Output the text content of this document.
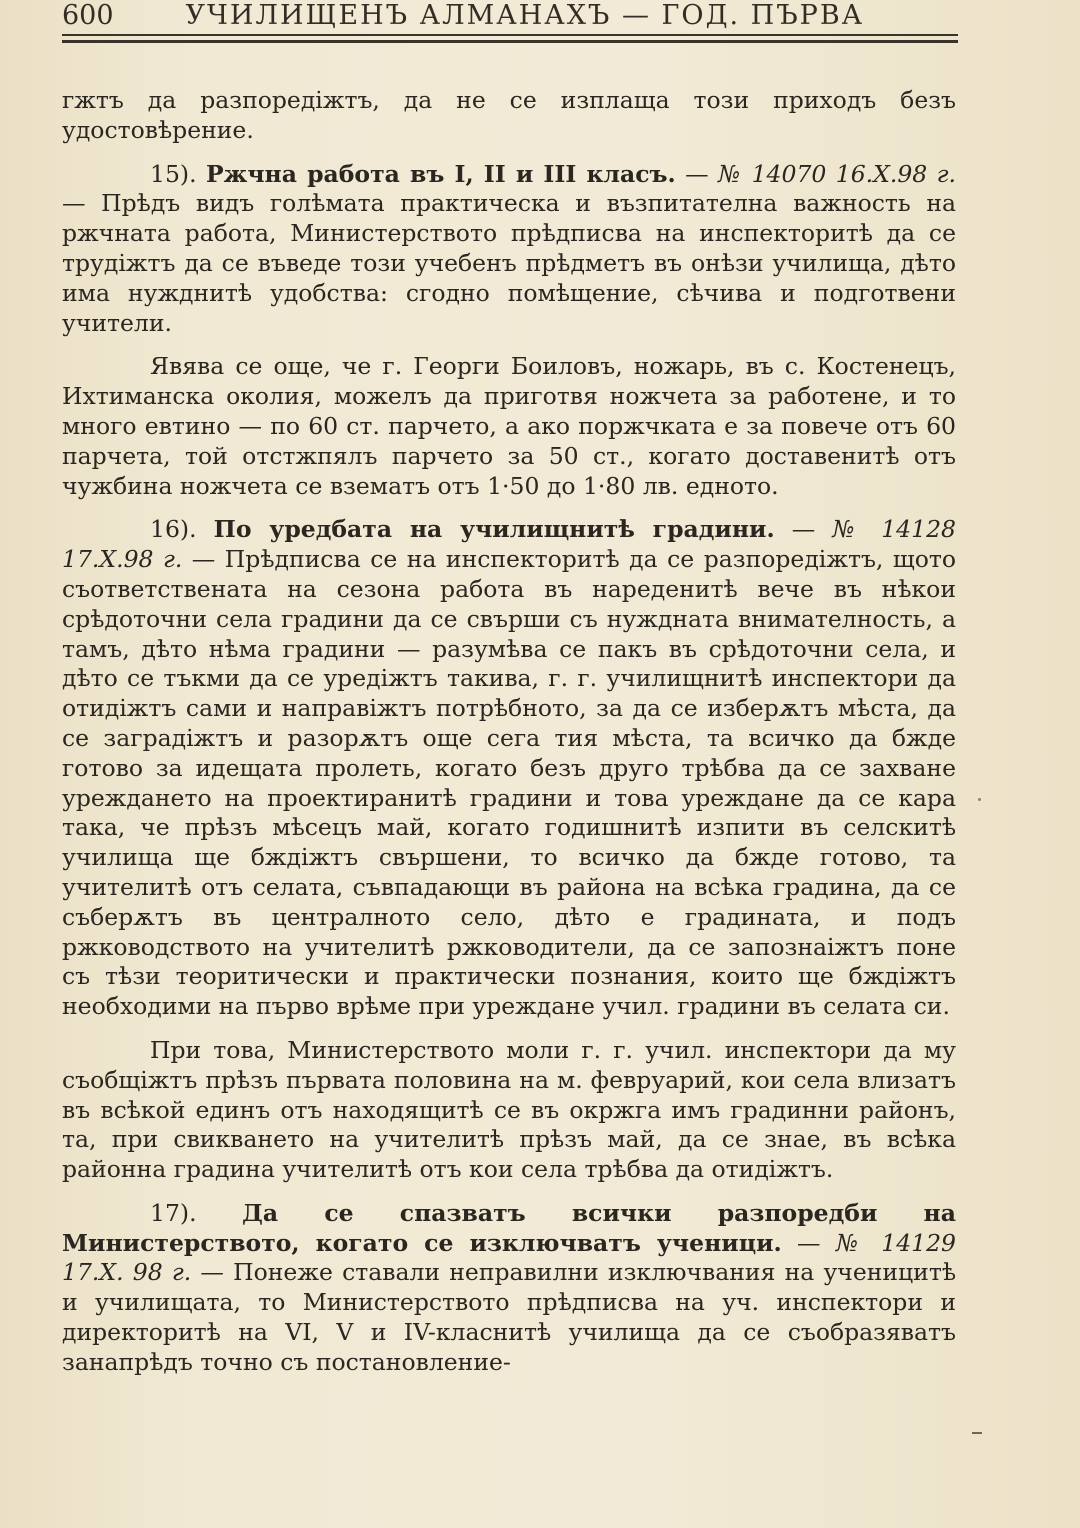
600	УЧИЛИЩЕНЪ АЛМАНАХЪ — ГОД. ПЪРВА

гжтъ да разпоредіжтъ, да не се изплаща този приходъ безъ удостовѣрение.

15). Ржчна работа въ I, II и III класъ. — № 14070 16.X.98 г. — Прѣдъ видъ голѣмата практическа и възпитателна важность на ржчната работа, Министерството прѣдписва на инспекторитѣ да се трудіжтъ да се въведе този учебенъ прѣдметъ въ онѣзи училища, дѣто има нужднитѣ удобства: сгодно помѣщение, сѣчива и подготвени учители.

Явява се още, че г. Георги Боиловъ, ножарь, въ с. Костенецъ, Ихтиманска околия, можелъ да приготвя ножчета за работене, и то много евтино — по 60 ст. парчето, а ако поржчката е за повече отъ 60 парчета, той отстжпялъ парчето за 50 ст., когато доставенитѣ отъ чужбина ножчета се взематъ отъ 1·50 до 1·80 лв. едното.

16). По уредбата на училищнитѣ градини. — № 14128 17.X.98 г. — Прѣдписва се на инспекторитѣ да се разпоредіжтъ, щото съответствената на сезона работа въ нареденитѣ вече въ нѣкои срѣдоточни села градини да се свърши съ нуждната внимателность, а тамъ, дѣто нѣма градини — разумѣва се пакъ въ срѣдоточни села, и дѣто се тъкми да се уредіжтъ такива, г. г. училищнитѣ инспектори да отидіжтъ сами и направіжтъ потрѣбното, за да се изберѫтъ мѣста, да се заградіжтъ и разорѫтъ още сега тия мѣста, та всичко да бжде готово за идещата пролеть, когато безъ друго трѣбва да се захване уреждането на проектиранитѣ градини и това уреждане да се кара така, че прѣзъ мѣсецъ май, когато годишнитѣ изпити въ селскитѣ училища ще бждіжтъ свършени, то всичко да бжде готово, та учителитѣ отъ селата, съвпадающи въ района на всѣка градина, да се съберѫтъ въ централното село, дѣто е градината, и подъ ржководството на учителитѣ ржководители, да се запознаіжтъ поне съ тѣзи теоритически и практически познания, които ще бждіжтъ необходими на първо врѣме при уреждане учил. градини въ селата си.

При това, Министерството моли г. г. учил. инспектори да му съобщіжтъ прѣзъ първата половина на м. февруарий, кои села влизатъ въ всѣкой единъ отъ находящитѣ се въ окржга имъ градинни районъ, та, при свикването на учителитѣ прѣзъ май, да се знае, въ всѣка районна градина учителитѣ отъ кои села трѣбва да отидіжтъ.

17). Да се спазватъ всички разпоредби на Министерството, когато се изключватъ ученици. — № 14129 17.X. 98 г. — Понеже ставали неправилни изключвания на ученицитѣ и училищата, то Министерството прѣдписва на уч. инспектори и директоритѣ на VI, V и IV-класнитѣ училища да се съобразяватъ занапрѣдъ точно съ постановление-
